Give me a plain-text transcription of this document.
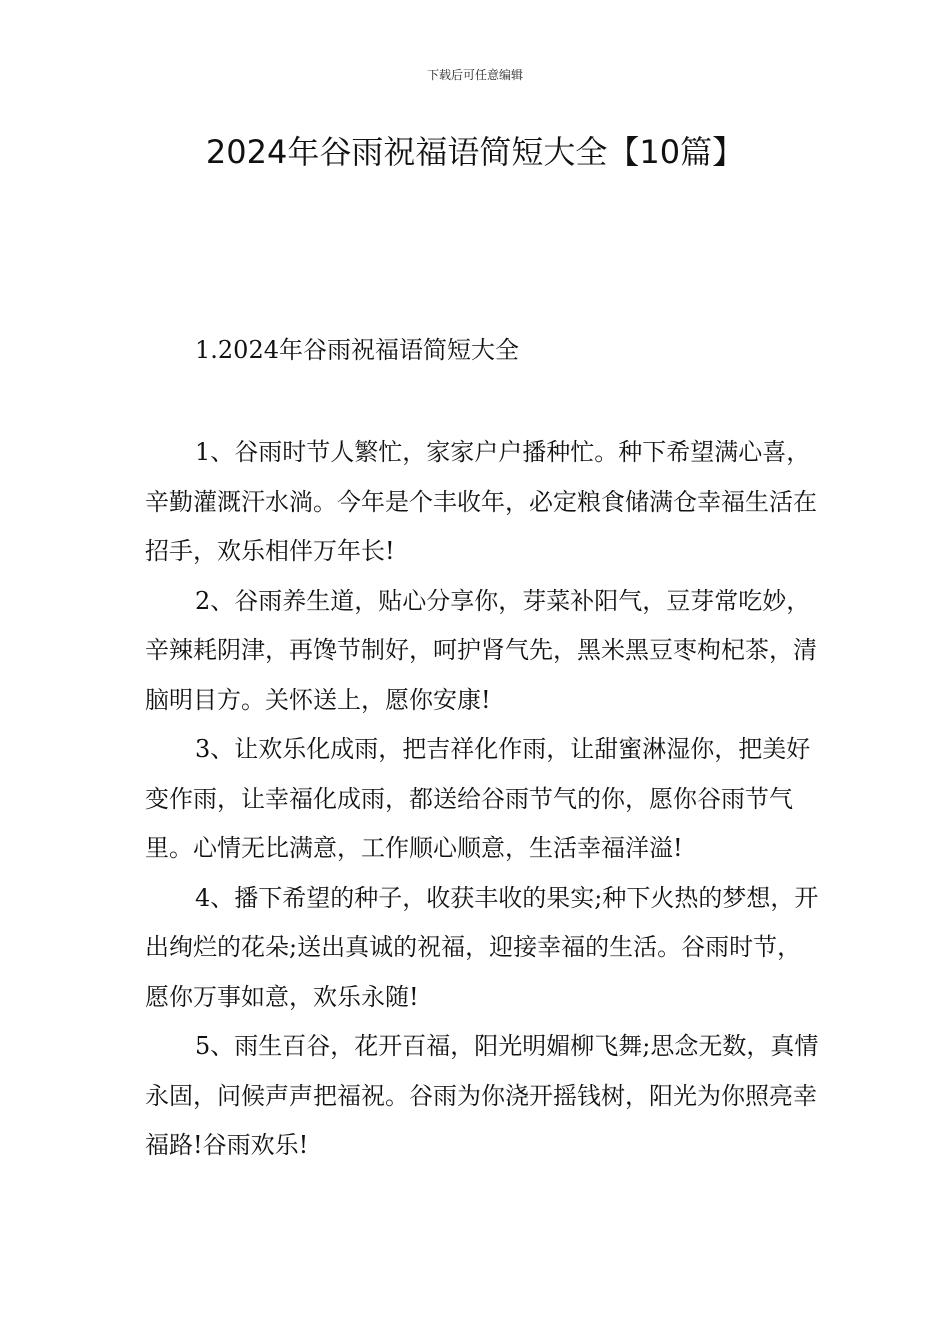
下载后可任意编辑
2024年谷雨祝福语简短大全【10篇】
1.2024年谷雨祝福语简短大全

1、谷雨时节人繁忙，家家户户播种忙。种下希望满心喜，辛勤灌溉汗水淌。今年是个丰收年，必定粮食储满仓幸福生活在招手，欢乐相伴万年长!

2、谷雨养生道，贴心分享你，芽菜补阳气，豆芽常吃妙，辛辣耗阴津，再馋节制好，呵护肾气先，黑米黑豆枣枸杞茶，清脑明目方。关怀送上，愿你安康!

3、让欢乐化成雨，把吉祥化作雨，让甜蜜淋湿你，把美好变作雨，让幸福化成雨，都送给谷雨节气的你，愿你谷雨节气里。心情无比满意，工作顺心顺意，生活幸福洋溢!

4、播下希望的种子，收获丰收的果实;种下火热的梦想，开出绚烂的花朵;送出真诚的祝福，迎接幸福的生活。谷雨时节，愿你万事如意，欢乐永随!

5、雨生百谷，花开百福，阳光明媚柳飞舞;思念无数，真情永固，问候声声把福祝。谷雨为你浇开摇钱树，阳光为你照亮幸福路!谷雨欢乐!
